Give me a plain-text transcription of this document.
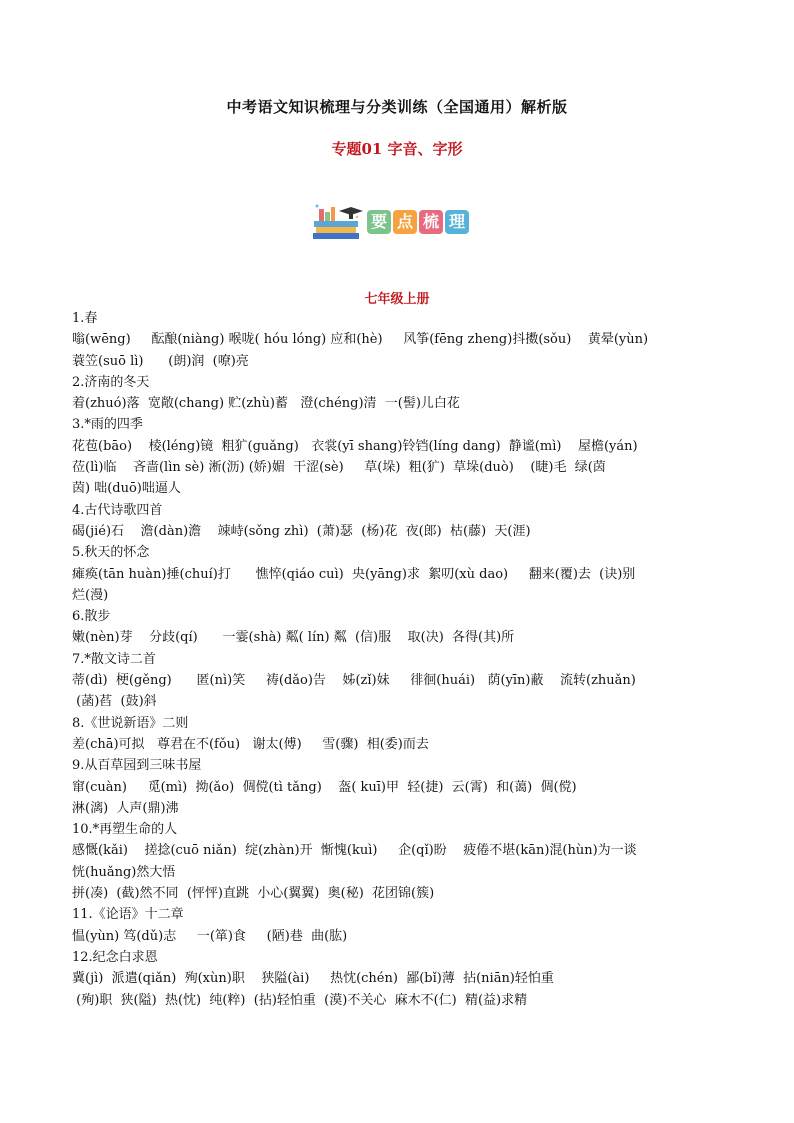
中考语文知识梳理与分类训练（全国通用）解析版
专题01 字音、字形
要 点 梳 理
七年级上册
1.春
嗡(wēng)     酝酿(niàng) 喉咙( hóu lóng) 应和(hè)     风筝(fēng zheng)抖擞(sǒu)    黄晕(yùn)
蓑笠(suō lì)      (朗)润  (嘹)亮
2.济南的冬天
着(zhuó)落  宽敞(chang) 贮(zhù)蓄   澄(chéng)清  一(髻)儿白花
3.*雨的四季
花苞(bāo)    棱(léng)镜  粗犷(guǎng)   衣裳(yī shang)铃铛(líng dang)  静谧(mì)    屋檐(yán)
莅(lì)临    吝啬(lìn sè) 淅(沥) (娇)媚  干涩(sè)     草(垛)  粗(犷)  草垛(duò)    (睫)毛  绿(茵
茵) 咄(duō)咄逼人
4.古代诗歌四首
碣(jié)石    澹(dàn)澹    竦峙(sǒng zhì)  (萧)瑟  (杨)花  夜(郎)  枯(藤)  天(涯)
5.秋天的怀念
瘫痪(tān huàn)捶(chuí)打      憔悴(qiáo cuì)  央(yāng)求  絮叨(xù dao)     翻来(覆)去  (诀)别
烂(漫)
6.散步
嫩(nèn)芽    分歧(qí)      一霎(shà) 粼( lín) 粼  (信)服    取(决)  各得(其)所
7.*散文诗二首
蒂(dì)  梗(gěng)      匿(nì)笑     祷(dǎo)告    姊(zǐ)妹     徘徊(huái)   荫(yīn)蔽    流转(zhuǎn)
(菡)萏  (鼓)斜
8.《世说新语》二则
差(chā)可拟   尊君在不(fǒu)   谢太(傅)     雪(骤)  相(委)而去
9.从百草园到三味书屋
窜(cuàn)     觅(mì)  拗(ǎo)  倜傥(tì tǎng)    盔( kuī)甲  轻(捷)  云(霄)  和(蔼)  倜(傥)
淋(漓)  人声(鼎)沸
10.*再塑生命的人
感慨(kǎi)    搓捻(cuō niǎn)  绽(zhàn)开  惭愧(kuì)     企(qǐ)盼    疲倦不堪(kān)混(hùn)为一谈
恍(huǎng)然大悟
拼(凑)  (截)然不同  (怦怦)直跳  小心(翼翼)  奥(秘)  花团锦(簇)
11.《论语》十二章
愠(yùn) 笃(dǔ)志     一(箪)食     (陋)巷  曲(肱)
12.纪念白求恩
冀(jì)  派遣(qiǎn)  殉(xùn)职    狭隘(ài)     热忱(chén)  鄙(bǐ)薄  拈(niān)轻怕重
(殉)职  狭(隘)  热(忱)  纯(粹)  (拈)轻怕重  (漠)不关心  麻木不(仁)  精(益)求精
